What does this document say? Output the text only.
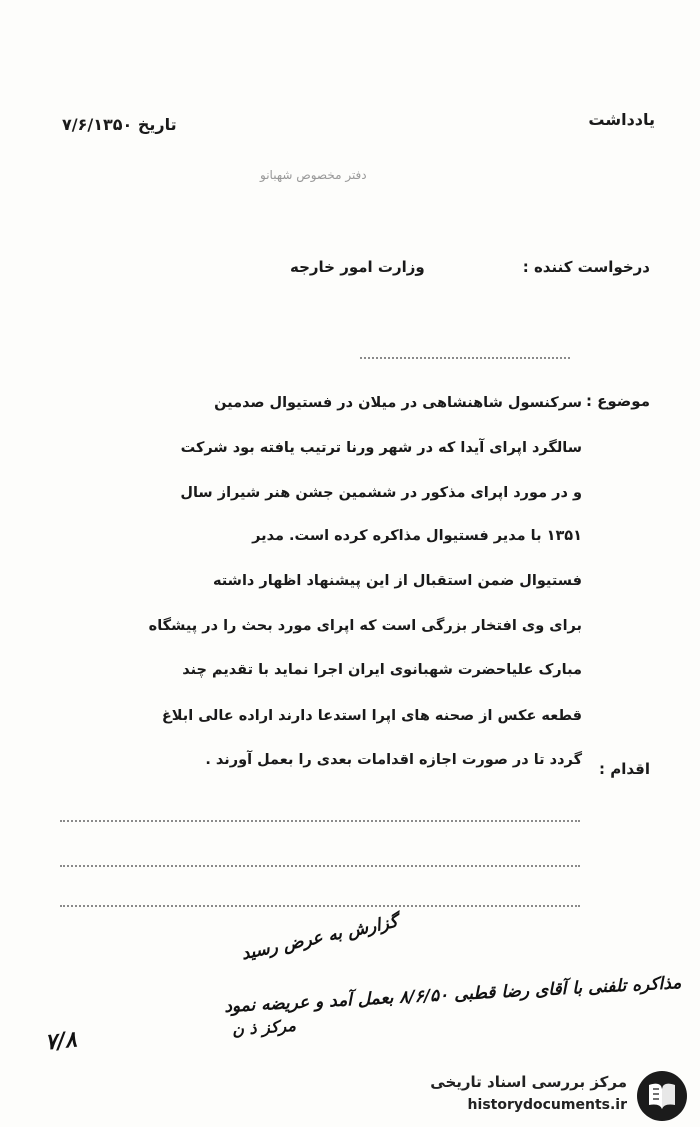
یادداشت
تاریخ ۷/۶/۱۳۵۰
دفتر مخصوص شهبانو
درخواست کننده :
وزارت امور خارجه
موضوع :
سرکنسول شاهنشاهی در میلان در فستیوال صدمین
سالگرد اپرای آیدا که در شهر ورنا ترتیب یافته بود شرکت
و در مورد اپرای مذکور در ششمین جشن هنر شیراز سال
۱۳۵۱ با مدیر فستیوال مذاکره کرده است. مدیر
فستیوال ضمن استقبال از این پیشنهاد اظهار داشته
برای وی افتخار بزرگی است که اپرای مورد بحث را در پیشگاه
مبارک علیاحضرت شهبانوی ایران اجرا نماید با تقدیم چند
قطعه عکس از صحنه های اپرا استدعا دارند اراده عالی ابلاغ
گردد تا در صورت اجازه اقدامات بعدی را بعمل آورند . اقدام :
گزارش به عرض رسید
مذاکره تلفنی با آقای رضا قطبی ۸/۶/۵۰ بعمل آمد و عریضه نمود
مرکز ذ ن
۷/۸
مرکز بررسی اسناد تاریخی
historydocuments.ir
